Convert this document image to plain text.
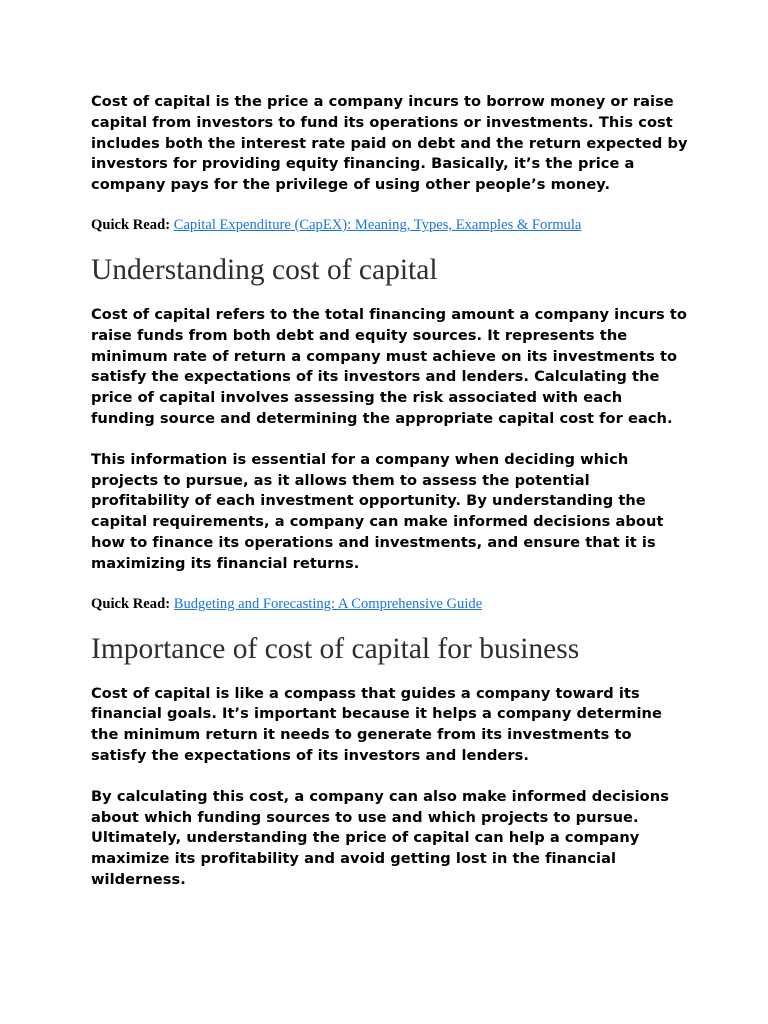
Cost of capital is the price a company incurs to borrow money or raise capital from investors to fund its operations or investments. This cost includes both the interest rate paid on debt and the return expected by investors for providing equity financing. Basically, it’s the price a company pays for the privilege of using other people’s money.

Quick Read: Capital Expenditure (CapEX): Meaning, Types, Examples & Formula

Understanding cost of capital

Cost of capital refers to the total financing amount a company incurs to raise funds from both debt and equity sources. It represents the minimum rate of return a company must achieve on its investments to satisfy the expectations of its investors and lenders. Calculating the price of capital involves assessing the risk associated with each funding source and determining the appropriate capital cost for each.

This information is essential for a company when deciding which projects to pursue, as it allows them to assess the potential profitability of each investment opportunity. By understanding the capital requirements, a company can make informed decisions about how to finance its operations and investments, and ensure that it is maximizing its financial returns.

Quick Read: Budgeting and Forecasting: A Comprehensive Guide

Importance of cost of capital for business

Cost of capital is like a compass that guides a company toward its financial goals. It’s important because it helps a company determine the minimum return it needs to generate from its investments to satisfy the expectations of its investors and lenders.

By calculating this cost, a company can also make informed decisions about which funding sources to use and which projects to pursue. Ultimately, understanding the price of capital can help a company maximize its profitability and avoid getting lost in the financial wilderness.
